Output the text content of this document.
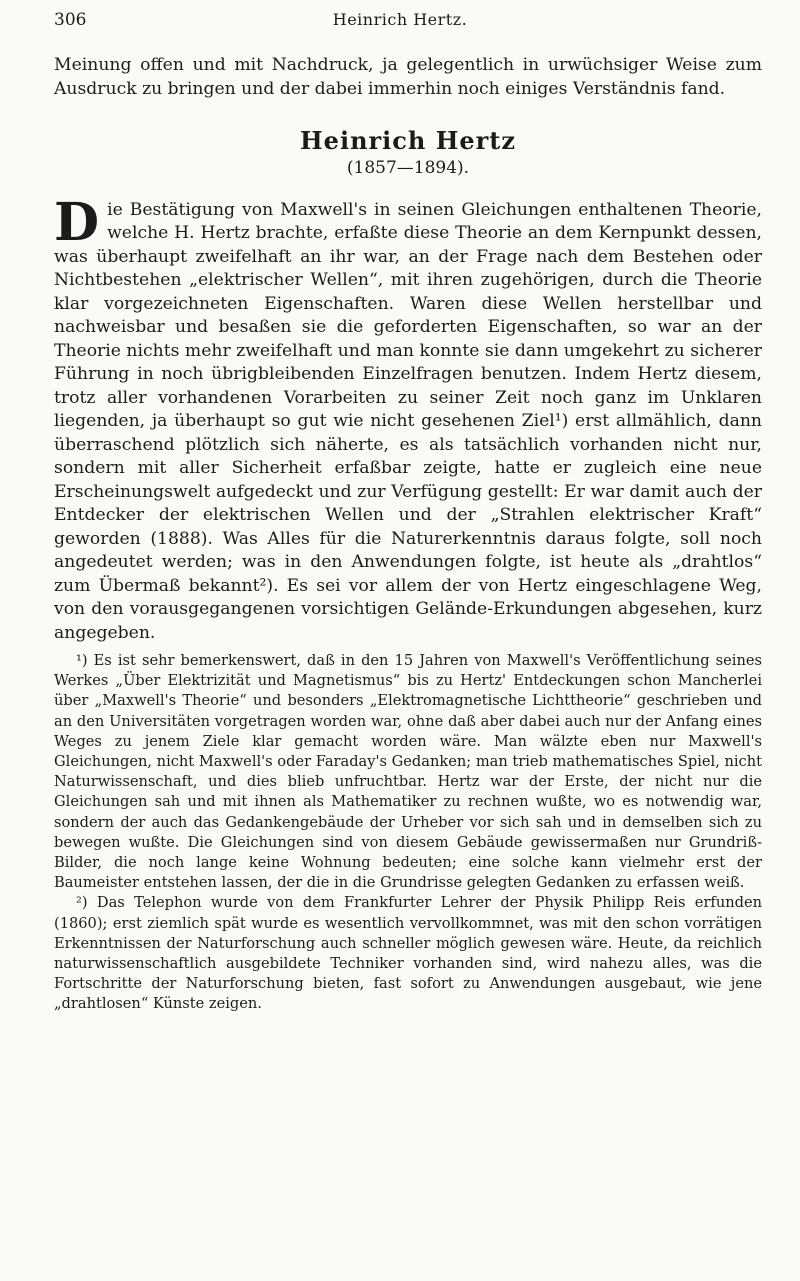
306	Heinrich Hertz.

Meinung offen und mit Nachdruck, ja gelegentlich in urwüchsiger Weise zum Ausdruck zu bringen und der dabei immerhin noch einiges Verständnis fand.

Heinrich Hertz

(1857—1894).

Die Bestätigung von Maxwell's in seinen Gleichungen enthaltenen Theorie, welche H. Hertz brachte, erfaßte diese Theorie an dem Kernpunkt dessen, was überhaupt zweifelhaft an ihr war, an der Frage nach dem Bestehen oder Nichtbestehen „elektrischer Wellen“, mit ihren zugehörigen, durch die Theorie klar vorgezeichneten Eigenschaften. Waren diese Wellen herstellbar und nachweisbar und besaßen sie die geforderten Eigenschaften, so war an der Theorie nichts mehr zweifelhaft und man konnte sie dann umgekehrt zu sicherer Führung in noch übrigbleibenden Einzelfragen benutzen. Indem Hertz diesem, trotz aller vorhandenen Vorarbeiten zu seiner Zeit noch ganz im Unklaren liegenden, ja überhaupt so gut wie nicht gesehenen Ziel¹) erst allmählich, dann überraschend plötzlich sich näherte, es als tatsächlich vorhanden nicht nur, sondern mit aller Sicherheit erfaßbar zeigte, hatte er zugleich eine neue Erscheinungswelt aufgedeckt und zur Verfügung gestellt: Er war damit auch der Entdecker der elektrischen Wellen und der „Strahlen elektrischer Kraft“ geworden (1888). Was Alles für die Naturerkenntnis daraus folgte, soll noch angedeutet werden; was in den Anwendungen folgte, ist heute als „drahtlos“ zum Übermaß bekannt²). Es sei vor allem der von Hertz eingeschlagene Weg, von den vorausgegangenen vorsichtigen Gelände-Erkundungen abgesehen, kurz angegeben.

¹) Es ist sehr bemerkenswert, daß in den 15 Jahren von Maxwell's Veröffentlichung seines Werkes „Über Elektrizität und Magnetismus“ bis zu Hertz' Entdeckungen schon Mancherlei über „Maxwell's Theorie“ und besonders „Elektromagnetische Lichttheorie“ geschrieben und an den Universitäten vorgetragen worden war, ohne daß aber dabei auch nur der Anfang eines Weges zu jenem Ziele klar gemacht worden wäre. Man wälzte eben nur Maxwell's Gleichungen, nicht Maxwell's oder Faraday's Gedanken; man trieb mathematisches Spiel, nicht Naturwissenschaft, und dies blieb unfruchtbar. Hertz war der Erste, der nicht nur die Gleichungen sah und mit ihnen als Mathematiker zu rechnen wußte, wo es notwendig war, sondern der auch das Gedankengebäude der Urheber vor sich sah und in demselben sich zu bewegen wußte. Die Gleichungen sind von diesem Gebäude gewissermaßen nur Grundriß-Bilder, die noch lange keine Wohnung bedeuten; eine solche kann vielmehr erst der Baumeister entstehen lassen, der die in die Grundrisse gelegten Gedanken zu erfassen weiß.

²) Das Telephon wurde von dem Frankfurter Lehrer der Physik Philipp Reis erfunden (1860); erst ziemlich spät wurde es wesentlich vervollkommnet, was mit den schon vorrätigen Erkenntnissen der Naturforschung auch schneller möglich gewesen wäre. Heute, da reichlich naturwissenschaftlich ausgebildete Techniker vorhanden sind, wird nahezu alles, was die Fortschritte der Naturforschung bieten, fast sofort zu Anwendungen ausgebaut, wie jene „drahtlosen“ Künste zeigen.
